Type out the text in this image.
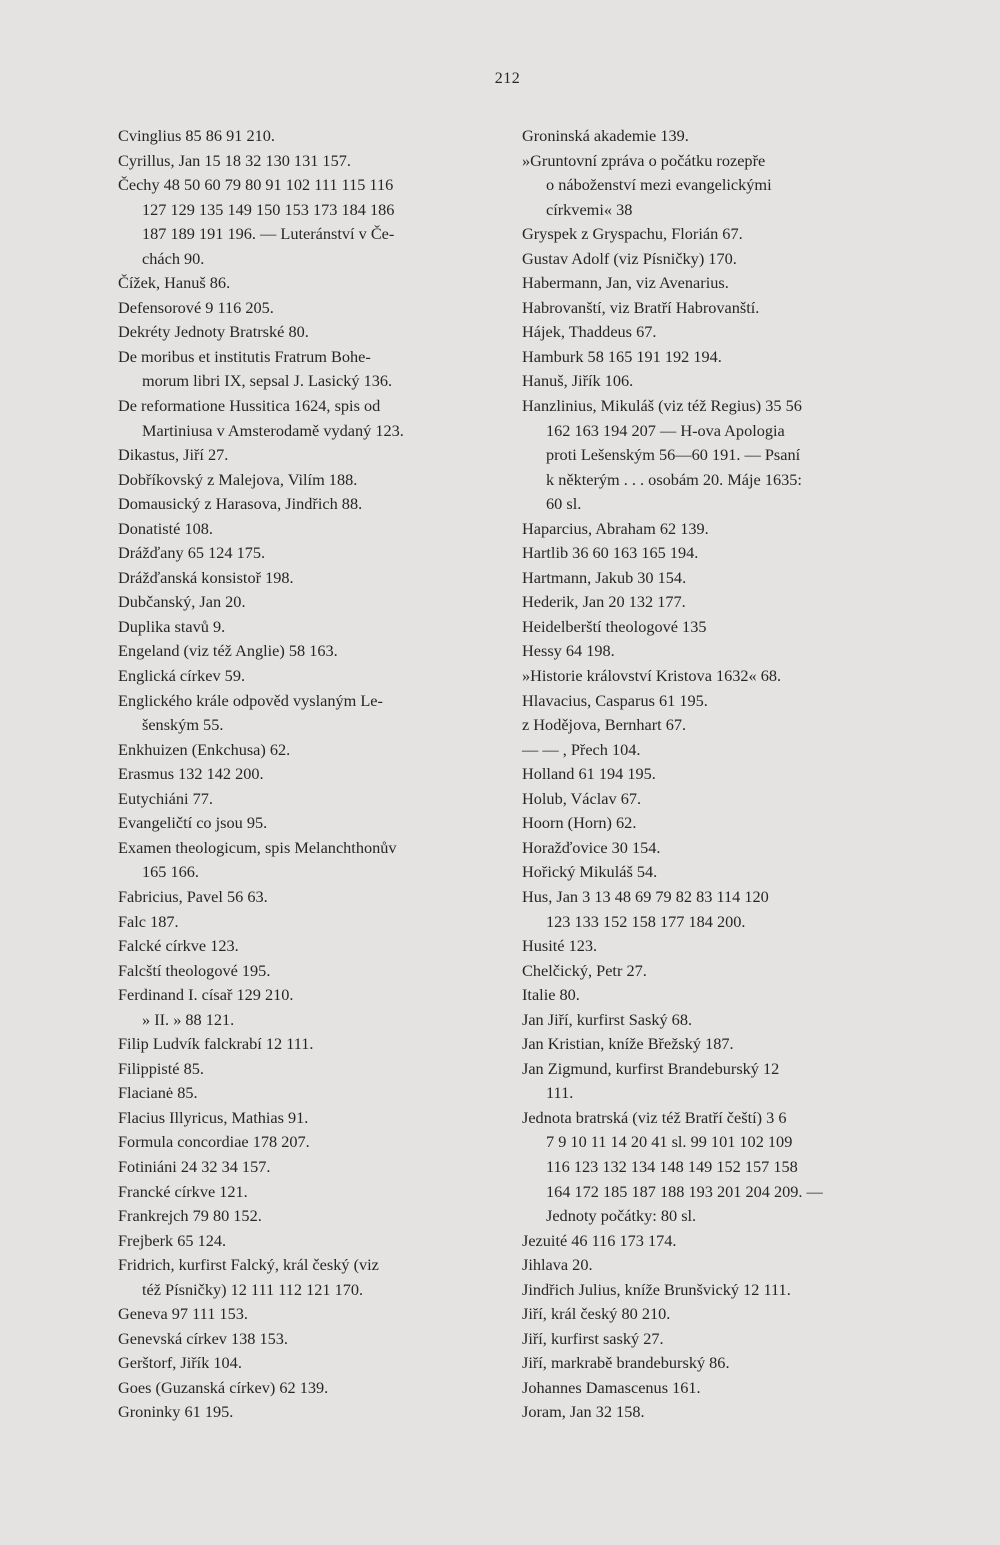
212
Cvinglius 85 86 91 210.
Cyrillus, Jan 15 18 32 130 131 157.
Čechy 48 50 60 79 80 91 102 111 115 116
127 129 135 149 150 153 173 184 186
187 189 191 196. — Luteránství v Če-
chách 90.
Čížek, Hanuš 86.
Defensorové 9 116 205.
Dekréty Jednoty Bratrské 80.
De moribus et institutis Fratrum Bohe-
morum libri IX, sepsal J. Lasický 136.
De reformatione Hussitica 1624, spis od
Martiniusa v Amsterodamě vydaný 123.
Dikastus, Jiří 27.
Dobříkovský z Malejova, Vilím 188.
Domausický z Harasova, Jindřich 88.
Donatisté 108.
Drážďany 65 124 175.
Drážďanská konsistoř 198.
Dubčanský, Jan 20.
Duplika stavů 9.
Engeland (viz též Anglie) 58 163.
Englická církev 59.
Englického krále odpověd vyslaným Le-
šenským 55.
Enkhuizen (Enkchusa) 62.
Erasmus 132 142 200.
Eutychiáni 77.
Evangeličtí co jsou 95.
Examen theologicum, spis Melanchthonův
165 166.
Fabricius, Pavel 56 63.
Falc 187.
Falcké církve 123.
Falcští theologové 195.
Ferdinand I. císař 129 210.
» II. » 88 121.
Filip Ludvík falckrabí 12 111.
Filippisté 85.
Flacianė 85.
Flacius Illyricus, Mathias 91.
Formula concordiae 178 207.
Fotiniáni 24 32 34 157.
Francké církve 121.
Frankrejch 79 80 152.
Frejberk 65 124.
Fridrich, kurfirst Falcký, král český (viz
též Písničky) 12 111 112 121 170.
Geneva 97 111 153.
Genevská církev 138 153.
Gerštorf, Jiřík 104.
Goes (Guzanská církev) 62 139.
Groninky 61 195.
Groninská akademie 139.
»Gruntovní zpráva o počátku rozepře
o náboženství mezi evangelickými
církvemi« 38
Gryspek z Gryspachu, Florián 67.
Gustav Adolf (viz Písničky) 170.
Habermann, Jan, viz Avenarius.
Habrovanští, viz Bratří Habrovanští.
Hájek, Thaddeus 67.
Hamburk 58 165 191 192 194.
Hanuš, Jiřík 106.
Hanzlinius, Mikuláš (viz též Regius) 35 56
162 163 194 207 — H-ova Apologia
proti Lešenským 56—60 191. — Psaní
k některým . . . osobám 20. Máje 1635:
60 sl.
Haparcius, Abraham 62 139.
Hartlib 36 60 163 165 194.
Hartmann, Jakub 30 154.
Hederik, Jan 20 132 177.
Heidelberští theologové 135
Hessy 64 198.
»Historie království Kristova 1632« 68.
Hlavacius, Casparus 61 195.
z Hodějova, Bernhart 67.
— — , Přech 104.
Holland 61 194 195.
Holub, Václav 67.
Hoorn (Horn) 62.
Horažďovice 30 154.
Hořický Mikuláš 54.
Hus, Jan 3 13 48 69 79 82 83 114 120
123 133 152 158 177 184 200.
Husité 123.
Chelčický, Petr 27.
Italie 80.
Jan Jiří, kurfirst Saský 68.
Jan Kristian, kníže Břežský 187.
Jan Zigmund, kurfirst Brandeburský 12
111.
Jednota bratrská (viz též Bratří čeští) 3 6
7 9 10 11 14 20 41 sl. 99 101 102 109
116 123 132 134 148 149 152 157 158
164 172 185 187 188 193 201 204 209. —
Jednoty počátky: 80 sl.
Jezuité 46 116 173 174.
Jihlava 20.
Jindřich Julius, kníže Brunšvický 12 111.
Jiří, král český 80 210.
Jiří, kurfirst saský 27.
Jiří, markrabě brandeburský 86.
Johannes Damascenus 161.
Joram, Jan 32 158.
